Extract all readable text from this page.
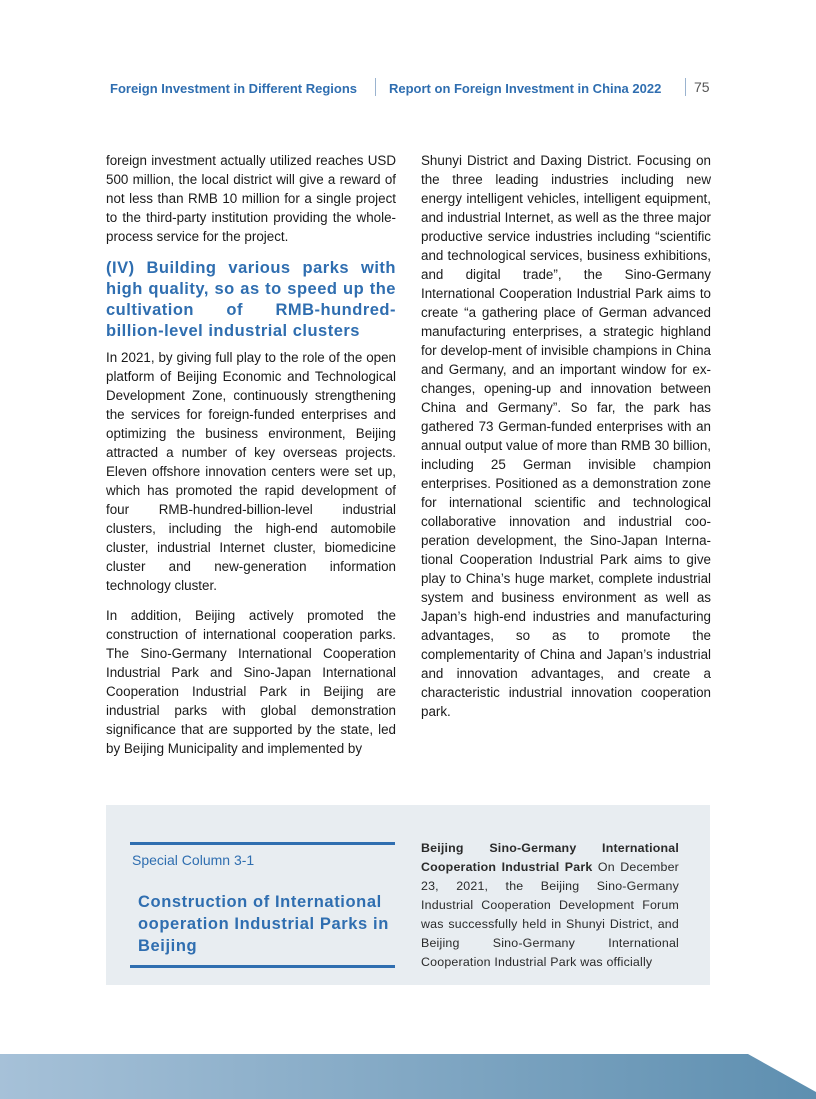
Foreign Investment in Different Regions Report on Foreign Investment in China 2022 75

foreign investment actually utilized reaches USD 500 million, the local district will give a reward of not less than RMB 10 million for a single project to the third-party institution providing the whole-process service for the project.

(IV) Building various parks with high quality, so as to speed up the cultivation of RMB-hundred-billion-level industrial clusters

In 2021, by giving full play to the role of the open platform of Beijing Economic and Technological Development Zone, continuously strengthening the services for foreign-funded enterprises and optimizing the business environment, Beijing attracted a number of key overseas projects. Eleven offshore innovation centers were set up, which has promoted the rapid development of four RMB-hundred-billion-level industrial clusters, including the high-end automobile cluster, industrial Internet cluster, biomedicine cluster and new-generation information technology cluster.

In addition, Beijing actively promoted the construction of international cooperation parks. The Sino-Germany International Cooperation Industrial Park and Sino-Japan International Cooperation Industrial Park in Beijing are industrial parks with global demonstration significance that are supported by the state, led by Beijing Municipality and implemented by

Shunyi District and Daxing District. Focusing on the three leading industries including new energy intelligent vehicles, intelligent equipment, and industrial Internet, as well as the three major productive service industries including “scientific and technological services, business exhibitions, and digital trade”, the Sino-Germany International Cooperation Industrial Park aims to create “a gathering place of German advanced manufacturing enterprises, a strategic highland for develop-ment of invisible champions in China and Germany, and an important window for ex-changes, opening-up and innovation between China and Germany”. So far, the park has gathered 73 German-funded enterprises with an annual output value of more than RMB 30 billion, including 25 German invisible champion enterprises. Positioned as a demonstration zone for international scientific and technological collaborative innovation and industrial coo-peration development, the Sino-Japan Interna-tional Cooperation Industrial Park aims to give play to China’s huge market, complete industrial system and business environment as well as Japan’s high-end industries and manufacturing advantages, so as to promote the complementarity of China and Japan’s industrial and innovation advantages, and create a characteristic industrial innovation cooperation park.

Special Column 3-1
Construction of International ooperation Industrial Parks in Beijing
Beijing Sino-Germany International Cooperation Industrial Park On December 23, 2021, the Beijing Sino-Germany Industrial Cooperation Development Forum was successfully held in Shunyi District, and Beijing Sino-Germany International Cooperation Industrial Park was officially
